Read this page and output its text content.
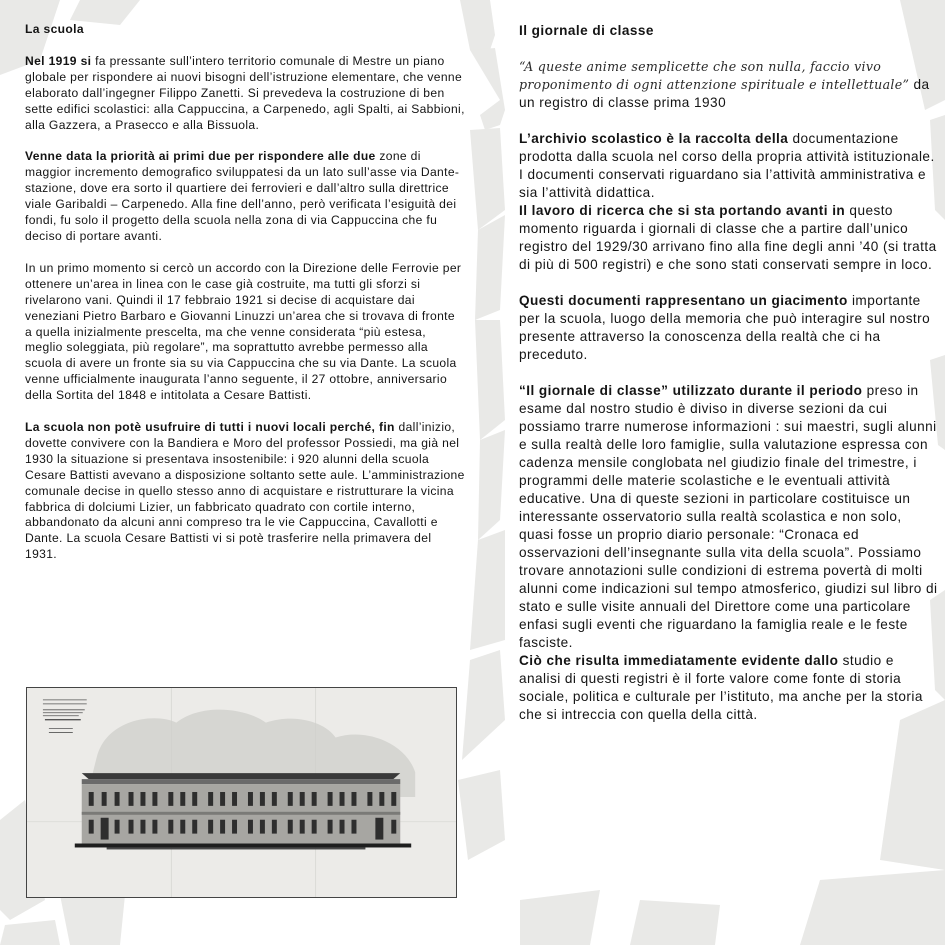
La scuola

Nel 1919 si fa pressante sull’intero territorio comunale di Mestre un piano globale per rispondere ai nuovi bisogni dell’istruzione elementare, che venne elaborato dall’ingegner Filippo Zanetti. Si prevedeva la costruzione di ben sette edifici scolastici: alla Cappuccina, a Carpenedo, agli Spalti, ai Sabbioni, alla Gazzera, a Prasecco e alla Bissuola.

Venne data la priorità ai primi due per rispondere alle due zone di maggior incremento demografico sviluppatesi da un lato sull’asse via Dante- stazione, dove era sorto il quartiere dei ferrovieri e dall’altro sulla direttrice viale Garibaldi – Carpenedo. Alla fine dell’anno, però verificata l’esiguità dei fondi, fu solo il progetto della scuola nella zona di via Cappuccina che fu deciso di portare avanti.

In un primo momento si cercò un accordo con la Direzione delle Ferrovie per ottenere un’area in linea con le case già costruite, ma tutti gli sforzi si rivelarono vani. Quindi il 17 febbraio 1921 si decise di acquistare dai veneziani Pietro Barbaro e Giovanni Linuzzi un’area che si trovava di fronte a quella inizialmente prescelta, ma che venne considerata “più estesa, meglio soleggiata, più regolare”, ma soprattutto avrebbe permesso alla scuola di avere un fronte sia su via Cappuccina che su via Dante. La scuola venne ufficialmente inaugurata l’anno seguente, il 27 ottobre, anniversario della Sortita del 1848 e intitolata a Cesare Battisti.

La scuola non potè usufruire di tutti i nuovi locali perché, fin dall’inizio, dovette convivere con la Bandiera e Moro del professor Possiedi, ma già nel 1930 la situazione si presentava insostenibile: i 920 alunni della scuola Cesare Battisti avevano a disposizione soltanto sette aule. L’amministrazione comunale decise in quello stesso anno di acquistare e ristrutturare la vicina fabbrica di dolciumi Lizier, un fabbricato quadrato con cortile interno, abbandonato da alcuni anni compreso tra le vie Cappuccina, Cavallotti e Dante. La scuola Cesare Battisti vi si potè trasferire nella primavera del 1931.

Il giornale di classe

“A queste anime semplicette che son nulla, faccio vivo proponimento di ogni attenzione spirituale e intellettuale” da un registro di classe prima 1930

L’archivio scolastico è la raccolta della documentazione prodotta dalla scuola nel corso della propria attività istituzionale. I documenti conservati riguardano sia l’attività amministrativa e sia l’attività didattica.

Il lavoro di ricerca che si sta portando avanti in questo momento riguarda i giornali di classe che a partire dall’unico registro del 1929/30 arrivano fino alla fine degli anni ’40 (si tratta di più di 500 registri) e che sono stati conservati sempre in loco.

Questi documenti rappresentano un giacimento importante per la scuola, luogo della memoria che può interagire sul nostro presente attraverso la conoscenza della realtà che ci ha preceduto.

“Il giornale di classe” utilizzato durante il periodo preso in esame dal nostro studio è diviso in diverse sezioni da cui possiamo trarre numerose informazioni : sui maestri, sugli alunni e sulla realtà delle loro famiglie, sulla valutazione espressa con cadenza mensile conglobata nel giudizio finale del trimestre, i programmi delle materie scolastiche e le eventuali attività educative. Una di queste sezioni in particolare costituisce un interessante osservatorio sulla realtà scolastica e non solo, quasi fosse un proprio diario personale: “Cronaca ed osservazioni dell’insegnante sulla vita della scuola”. Possiamo trovare annotazioni sulle condizioni di estrema povertà di molti alunni come indicazioni sul tempo atmosferico, giudizi sul libro di stato e sulle visite annuali del Direttore come una particolare enfasi sugli eventi che riguardano la famiglia reale e le feste fasciste.

Ciò che risulta immediatamente evidente dallo studio e analisi di questi registri è il forte valore come fonte di storia sociale, politica e culturale per l’istituto, ma anche per la storia che si intreccia con quella della città.
